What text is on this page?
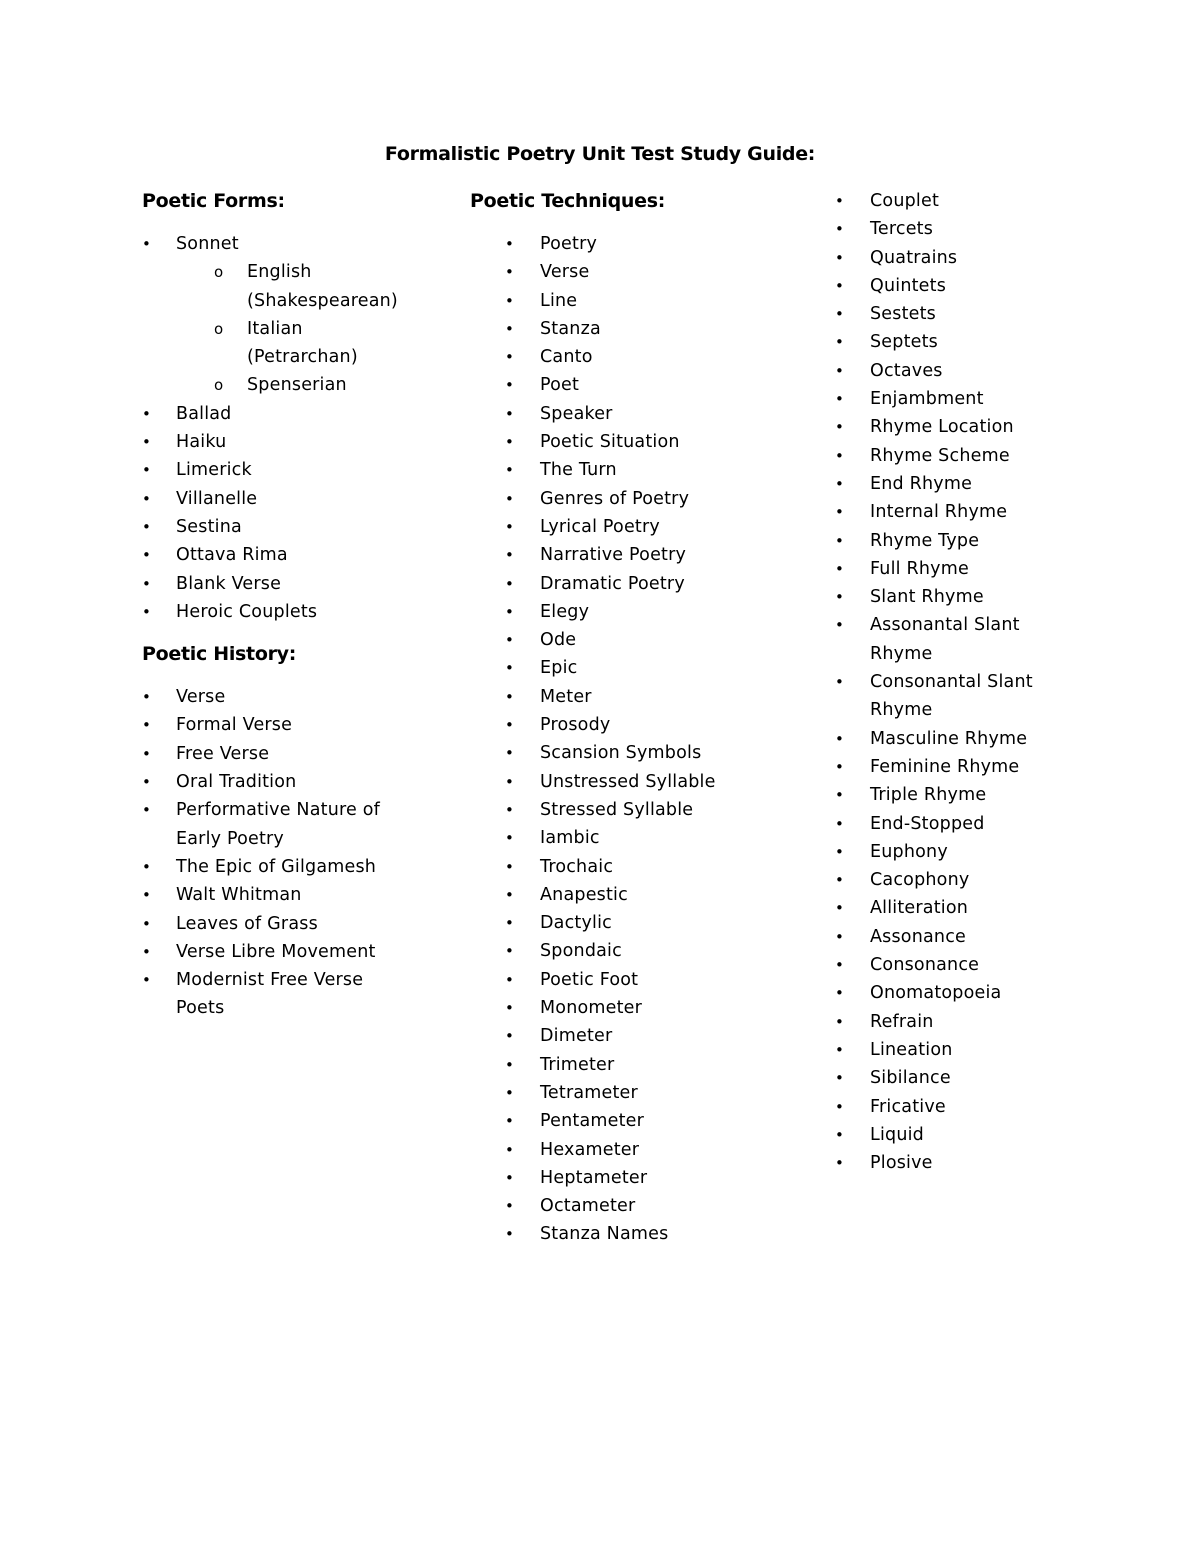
Formalistic Poetry Unit Test Study Guide:
Poetic Forms:
• Sonnet
o English (Shakespearean)
o Italian (Petrarchan)
o Spenserian
• Ballad
• Haiku
• Limerick
• Villanelle
• Sestina
• Ottava Rima
• Blank Verse
• Heroic Couplets
Poetic History:
• Verse
• Formal Verse
• Free Verse
• Oral Tradition
• Performative Nature of Early Poetry
• The Epic of Gilgamesh
• Walt Whitman
• Leaves of Grass
• Verse Libre Movement
• Modernist Free Verse Poets
Poetic Techniques:
• Poetry
• Verse
• Line
• Stanza
• Canto
• Poet
• Speaker
• Poetic Situation
• The Turn
• Genres of Poetry
• Lyrical Poetry
• Narrative Poetry
• Dramatic Poetry
• Elegy
• Ode
• Epic
• Meter
• Prosody
• Scansion Symbols
• Unstressed Syllable
• Stressed Syllable
• Iambic
• Trochaic
• Anapestic
• Dactylic
• Spondaic
• Poetic Foot
• Monometer
• Dimeter
• Trimeter
• Tetrameter
• Pentameter
• Hexameter
• Heptameter
• Octameter
• Stanza Names
• Couplet
• Tercets
• Quatrains
• Quintets
• Sestets
• Septets
• Octaves
• Enjambment
• Rhyme Location
• Rhyme Scheme
• End Rhyme
• Internal Rhyme
• Rhyme Type
• Full Rhyme
• Slant Rhyme
• Assonantal Slant Rhyme
• Consonantal Slant Rhyme
• Masculine Rhyme
• Feminine Rhyme
• Triple Rhyme
• End-Stopped
• Euphony
• Cacophony
• Alliteration
• Assonance
• Consonance
• Onomatopoeia
• Refrain
• Lineation
• Sibilance
• Fricative
• Liquid
• Plosive
